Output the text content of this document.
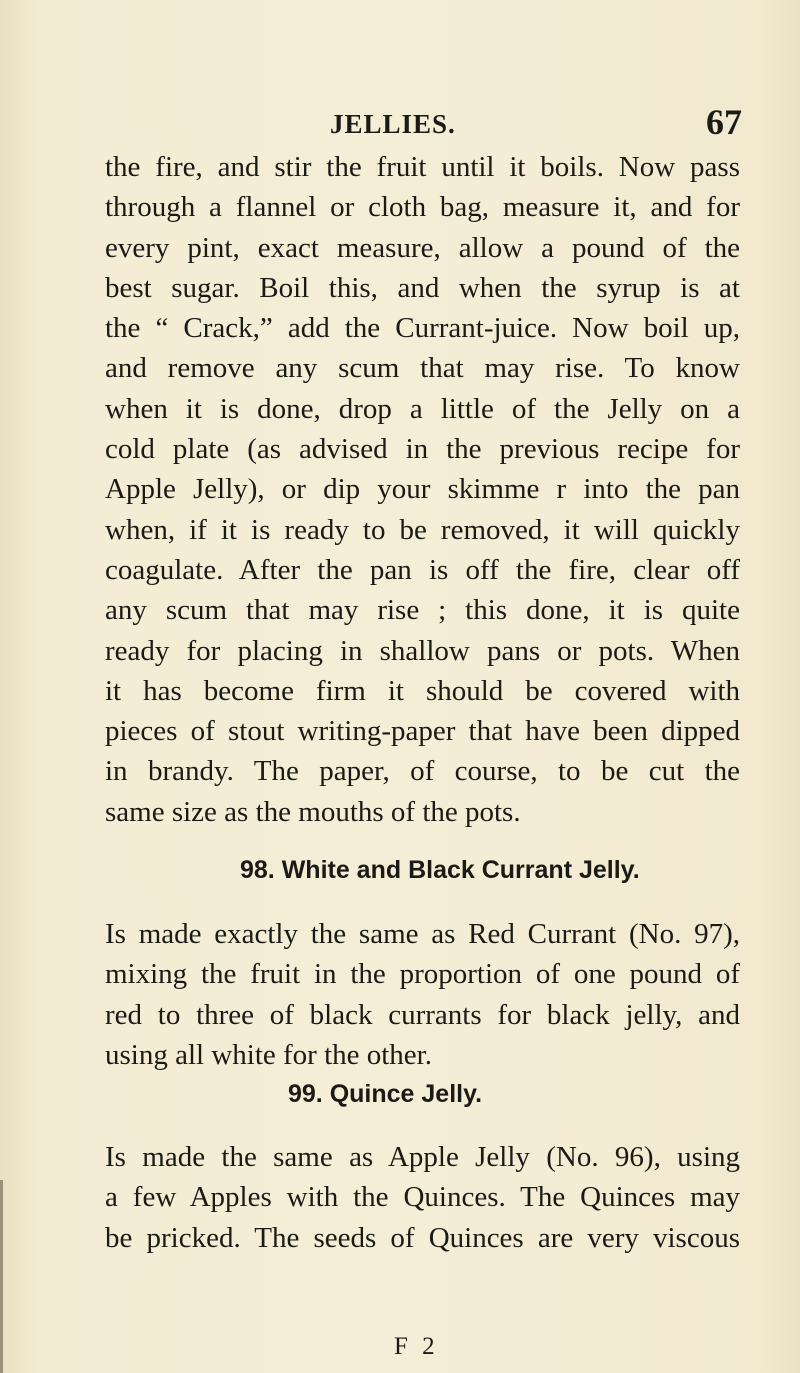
JELLIES.	67
the fire, and stir the fruit until it boils. Now pass
through a flannel or cloth bag, measure it, and for
every pint, exact measure, allow a pound of the
best sugar. Boil this, and when the syrup is at
the “ Crack,” add the Currant-juice. Now boil up,
and remove any scum that may rise. To know
when it is done, drop a little of the Jelly on a
cold plate (as advised in the previous recipe for
Apple Jelly), or dip your skimme r into the pan
when, if it is ready to be removed, it will quickly
coagulate. After the pan is off the fire, clear off
any scum that may rise ; this done, it is quite
ready for placing in shallow pans or pots. When
it has become firm it should be covered with
pieces of stout writing-paper that have been dipped
in brandy. The paper, of course, to be cut the
same size as the mouths of the pots.
98. White and Black Currant Jelly.
Is made exactly the same as Red Currant (No. 97),
mixing the fruit in the proportion of one pound of
red to three of black currants for black jelly, and
using all white for the other.
99. Quince Jelly.
Is made the same as Apple Jelly (No. 96), using
a few Apples with the Quinces. The Quinces may
be pricked. The seeds of Quinces are very viscous
F 2
